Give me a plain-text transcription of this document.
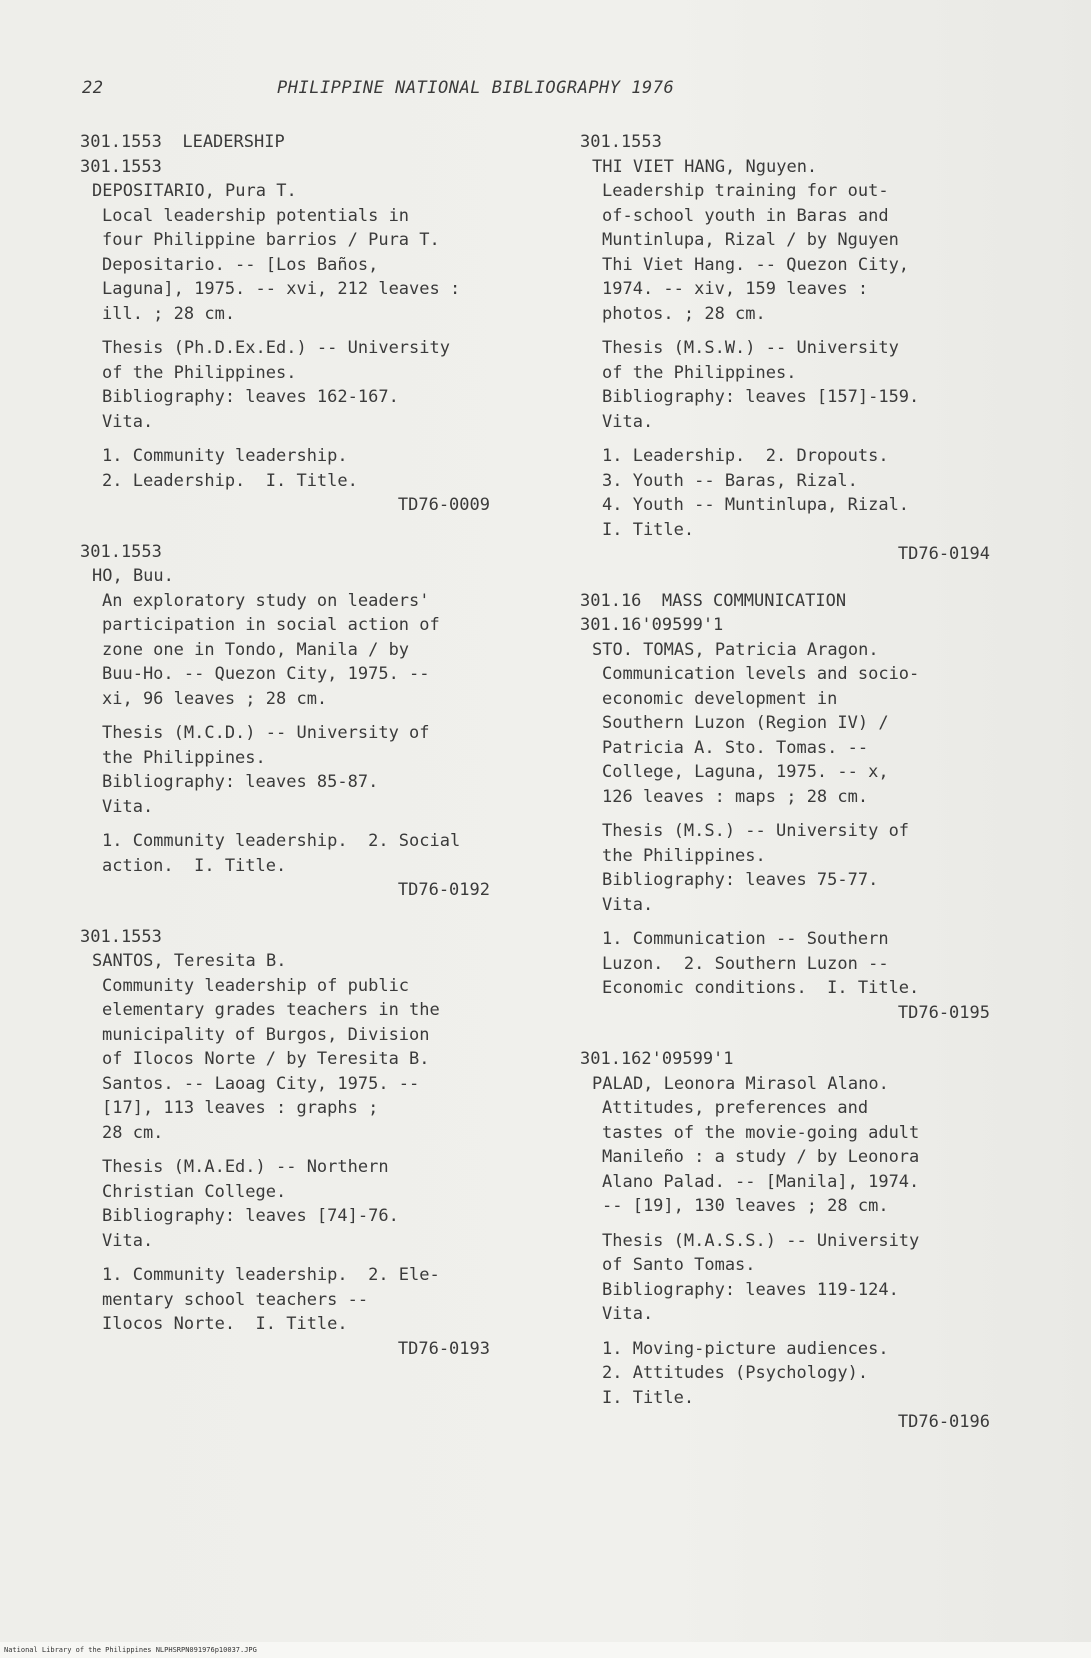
22	PHILIPPINE NATIONAL BIBLIOGRAPHY 1976
301.1553  LEADERSHIP
301.1553
DEPOSITARIO, Pura T.
Local leadership potentials in
four Philippine barrios / Pura T.
Depositario. -- [Los Baños,
Laguna], 1975. -- xvi, 212 leaves :
ill. ; 28 cm.
Thesis (Ph.D.Ex.Ed.) -- University
of the Philippines.
Bibliography: leaves 162-167.
Vita.
1. Community leadership.
2. Leadership.  I. Title.
TD76-0009
301.1553
HO, Buu.
An exploratory study on leaders'
participation in social action of
zone one in Tondo, Manila / by
Buu-Ho. -- Quezon City, 1975. --
xi, 96 leaves ; 28 cm.
Thesis (M.C.D.) -- University of
the Philippines.
Bibliography: leaves 85-87.
Vita.
1. Community leadership.  2. Social
action.  I. Title.
TD76-0192
301.1553
SANTOS, Teresita B.
Community leadership of public
elementary grades teachers in the
municipality of Burgos, Division
of Ilocos Norte / by Teresita B.
Santos. -- Laoag City, 1975. --
[17], 113 leaves : graphs ;
28 cm.
Thesis (M.A.Ed.) -- Northern
Christian College.
Bibliography: leaves [74]-76.
Vita.
1. Community leadership.  2. Ele-
mentary school teachers --
Ilocos Norte.  I. Title.
TD76-0193
301.1553
THI VIET HANG, Nguyen.
Leadership training for out-
of-school youth in Baras and
Muntinlupa, Rizal / by Nguyen
Thi Viet Hang. -- Quezon City,
1974. -- xiv, 159 leaves :
photos. ; 28 cm.
Thesis (M.S.W.) -- University
of the Philippines.
Bibliography: leaves [157]-159.
Vita.
1. Leadership.  2. Dropouts.
3. Youth -- Baras, Rizal.
4. Youth -- Muntinlupa, Rizal.
I. Title.
TD76-0194
301.16  MASS COMMUNICATION
301.16'09599'1
STO. TOMAS, Patricia Aragon.
Communication levels and socio-
economic development in
Southern Luzon (Region IV) /
Patricia A. Sto. Tomas. --
College, Laguna, 1975. -- x,
126 leaves : maps ; 28 cm.
Thesis (M.S.) -- University of
the Philippines.
Bibliography: leaves 75-77.
Vita.
1. Communication -- Southern
Luzon.  2. Southern Luzon --
Economic conditions.  I. Title.
TD76-0195
301.162'09599'1
PALAD, Leonora Mirasol Alano.
Attitudes, preferences and
tastes of the movie-going adult
Manileño : a study / by Leonora
Alano Palad. -- [Manila], 1974.
-- [19], 130 leaves ; 28 cm.
Thesis (M.A.S.S.) -- University
of Santo Tomas.
Bibliography: leaves 119-124.
Vita.
1. Moving-picture audiences.
2. Attitudes (Psychology).
I. Title.
TD76-0196
National Library of the Philippines NLPHSRPN091976p10037.JPG
